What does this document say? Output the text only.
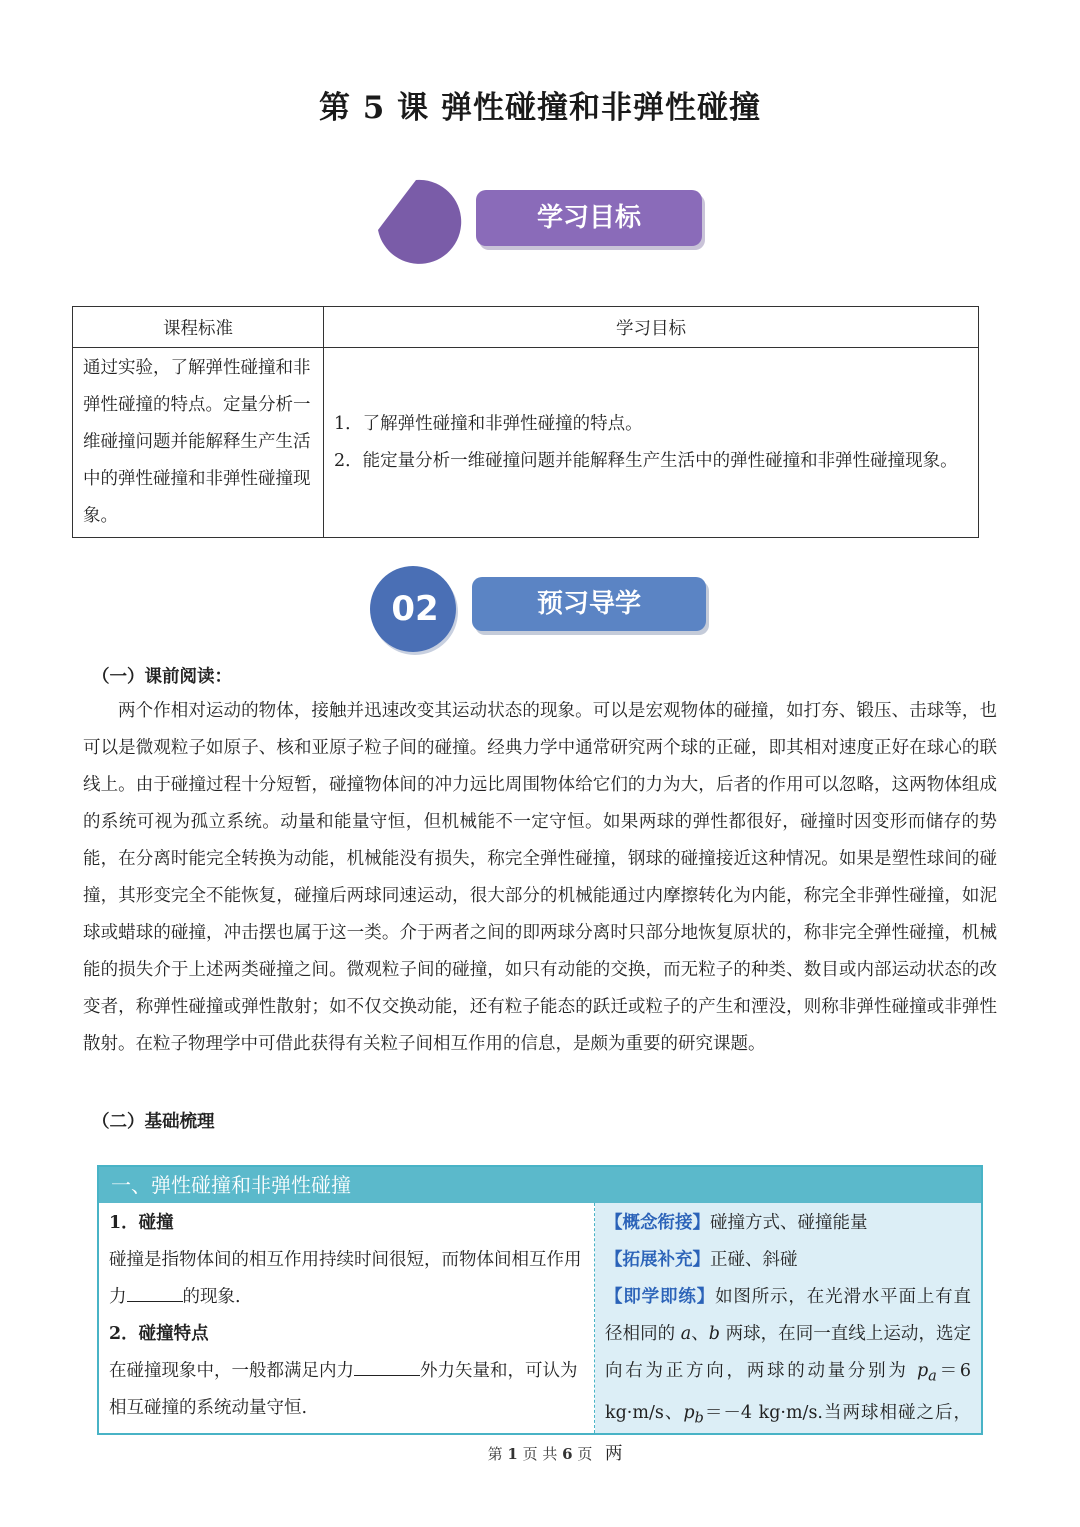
第 5 课 弹性碰撞和非弹性碰撞
学习目标
课程标准	学习目标
通过实验，了解弹性碰撞和非弹性碰撞的特点。定量分析一维碰撞问题并能解释生产生活中的弹性碰撞和非弹性碰撞现象。	1．了解弹性碰撞和非弹性碰撞的特点。
2．能定量分析一维碰撞问题并能解释生产生活中的弹性碰撞和非弹性碰撞现象。
02	预习导学
（一）课前阅读：

两个作相对运动的物体，接触并迅速改变其运动状态的现象。可以是宏观物体的碰撞，如打夯、锻压、击球等，也可以是微观粒子如原子、核和亚原子粒子间的碰撞。经典力学中通常研究两个球的正碰，即其相对速度正好在球心的联线上。由于碰撞过程十分短暂，碰撞物体间的冲力远比周围物体给它们的力为大，后者的作用可以忽略，这两物体组成的系统可视为孤立系统。动量和能量守恒，但机械能不一定守恒。如果两球的弹性都很好，碰撞时因变形而储存的势能，在分离时能完全转换为动能，机械能没有损失，称完全弹性碰撞，钢球的碰撞接近这种情况。如果是塑性球间的碰撞，其形变完全不能恢复，碰撞后两球同速运动，很大部分的机械能通过内摩擦转化为内能，称完全非弹性碰撞，如泥球或蜡球的碰撞，冲击摆也属于这一类。介于两者之间的即两球分离时只部分地恢复原状的，称非完全弹性碰撞，机械能的损失介于上述两类碰撞之间。微观粒子间的碰撞，如只有动能的交换，而无粒子的种类、数目或内部运动状态的改变者，称弹性碰撞或弹性散射；如不仅交换动能，还有粒子能态的跃迁或粒子的产生和湮没，则称非弹性碰撞或非弹性散射。在粒子物理学中可借此获得有关粒子间相互作用的信息，是颇为重要的研究课题。

（二）基础梳理
一、弹性碰撞和非弹性碰撞
1．碰撞
碰撞是指物体间的相互作用持续时间很短，而物体间相互作用力	的现象.
2．碰撞特点
在碰撞现象中，一般都满足内力	外力矢量和，可认为相互碰撞的系统动量守恒.
【概念衔接】碰撞方式、碰撞能量
【拓展补充】正碰、斜碰
【即学即练】如图所示，在光滑水平面上有直径相同的 a、b 两球，在同一直线上运动，选定向右为正方向，两球的动量分别为 $p_a=6$ kg·m/s、$p_b=-4$ kg·m/s.当两球相碰之后，两
第 1 页 共 6 页
